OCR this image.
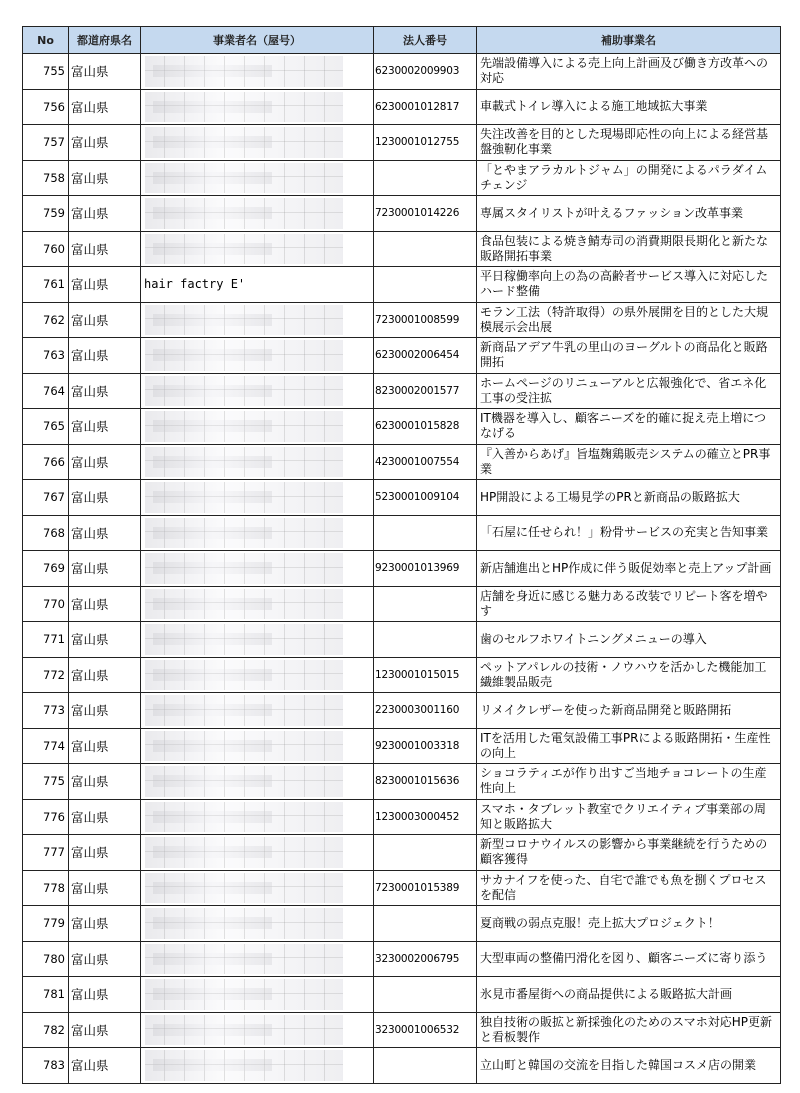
No	都道府県名	事業者名（屋号）	法人番号	補助事業名
755	富山県		6230002009903	先端設備導入による売上向上計画及び働き方改革への対応
756	富山県		6230001012817	車載式トイレ導入による施工地域拡大事業
757	富山県		1230001012755	失注改善を目的とした現場即応性の向上による経営基盤強靭化事業
758	富山県			「とやまアラカルトジャム」の開発によるパラダイムチェンジ
759	富山県		7230001014226	専属スタイリストが叶えるファッション改革事業
760	富山県			食品包装による焼き鯖寿司の消費期限長期化と新たな販路開拓事業
761	富山県	hair factry E'		平日稼働率向上の為の高齢者サービス導入に対応したハード整備
762	富山県		7230001008599	モラン工法（特許取得）の県外展開を目的とした大規模展示会出展
763	富山県		6230002006454	新商品アデア牛乳の里山のヨーグルトの商品化と販路開拓
764	富山県		8230002001577	ホームページのリニューアルと広報強化で、省エネ化工事の受注拡
765	富山県		6230001015828	IT機器を導入し、顧客ニーズを的確に捉え売上増につなげる
766	富山県		4230001007554	『入善からあげ』旨塩麹鶏販売システムの確立とPR事業
767	富山県		5230001009104	HP開設による工場見学のPRと新商品の販路拡大
768	富山県			「石屋に任せられ！」粉骨サービスの充実と告知事業
769	富山県		9230001013969	新店舗進出とHP作成に伴う販促効率と売上アップ計画
770	富山県			店舗を身近に感じる魅力ある改装でリピート客を増やす
771	富山県			歯のセルフホワイトニングメニューの導入
772	富山県		1230001015015	ペットアパレルの技術・ノウハウを活かした機能加工繊維製品販売
773	富山県		2230003001160	リメイクレザーを使った新商品開発と販路開拓
774	富山県		9230001003318	ITを活用した電気設備工事PRによる販路開拓・生産性の向上
775	富山県		8230001015636	ショコラティエが作り出すご当地チョコレートの生産性向上
776	富山県		1230003000452	スマホ・タブレット教室でクリエイティブ事業部の周知と販路拡大
777	富山県			新型コロナウイルスの影響から事業継続を行うための顧客獲得
778	富山県		7230001015389	サカナイフを使った、自宅で誰でも魚を捌くプロセスを配信
779	富山県			夏商戦の弱点克服！売上拡大プロジェクト！
780	富山県		3230002006795	大型車両の整備円滑化を図り、顧客ニーズに寄り添う
781	富山県			氷見市番屋街への商品提供による販路拡大計画
782	富山県		3230001006532	独自技術の販拡と新採強化のためのスマホ対応HP更新と看板製作
783	富山県			立山町と韓国の交流を目指した韓国コスメ店の開業
